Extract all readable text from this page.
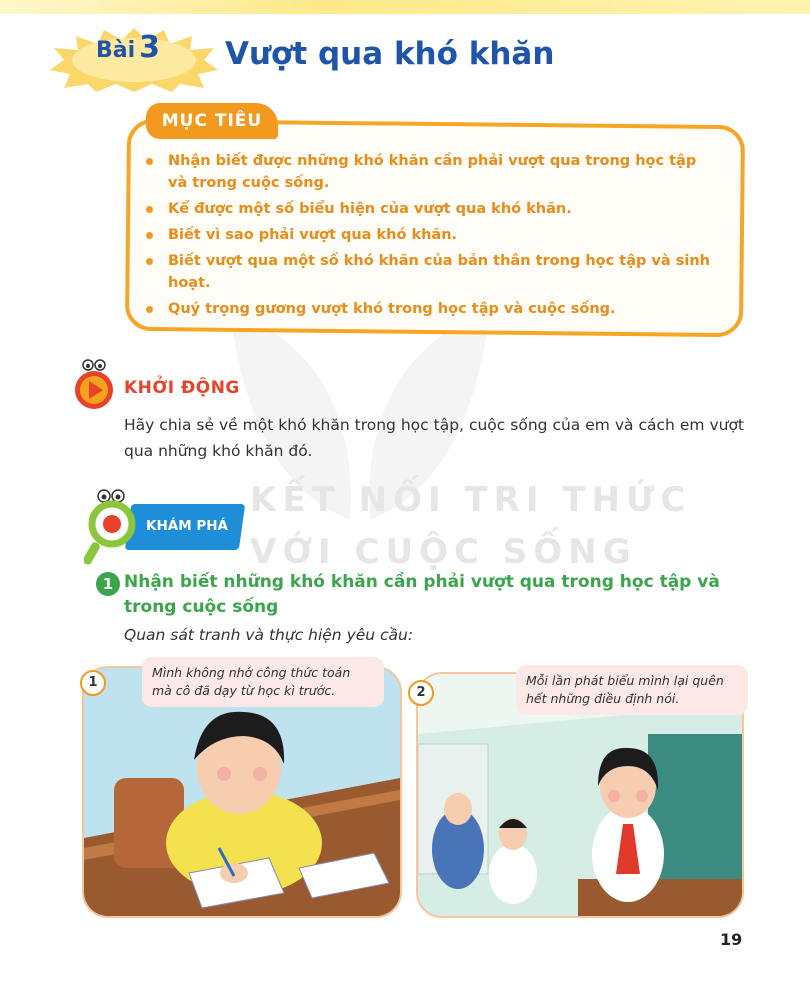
KẾT NỐI TRI THỨC
VỚI CUỘC SỐNG
Bài 3 Vượt qua khó khăn
MỤC TIÊU
Nhận biết được những khó khăn cần phải vượt qua trong học tập và trong cuộc sống.
Kể được một số biểu hiện của vượt qua khó khăn.
Biết vì sao phải vượt qua khó khăn.
Biết vượt qua một số khó khăn của bản thân trong học tập và sinh hoạt.
Quý trọng gương vượt khó trong học tập và cuộc sống.
KHỞI ĐỘNG
Hãy chia sẻ về một khó khăn trong học tập, cuộc sống của em và cách em vượt qua những khó khăn đó.
KHÁM PHÁ
1 Nhận biết những khó khăn cần phải vượt qua trong học tập và trong cuộc sống
Quan sát tranh và thực hiện yêu cầu:
1
Mình không nhớ công thức toán mà cô đã dạy từ học kì trước.	2
Mỗi lần phát biểu mình lại quên hết những điều định nói.
19
